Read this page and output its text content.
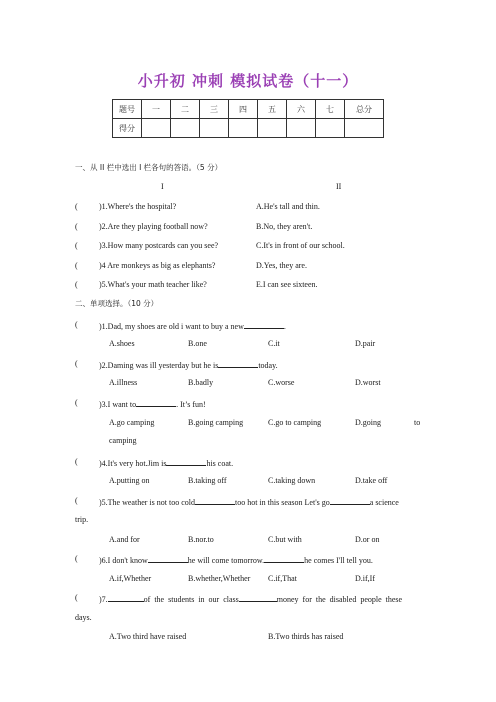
小升初 冲刺 模拟试卷（十一）
题号	一	二	三	四	五	六	七	总分
得分								
一、从 II 栏中选出 I 栏各句的答语。（5 分）
I	II
(	)1.Where's the hospital?	A.He's tall and thin.
(	)2.Are they playing football now?	B.No, they aren't.
(	)3.How many postcards can you see?	C.It's in front of our school.
(	)4 Are monkeys as big as elephants?	D.Yes, they are.
(	)5.What's your math teacher like?	E.I can see sixteen.
二、单项选择。（10 分）
(	)1.Dad, my shoes are old i want to buy a new	.
A.shoes	B.one	C.it	D.pair
(	)2.Daming was ill yesterday but he is	today.
A.illness	B.badly	C.worse	D.worst
(	)3.I want to	. It’s fun!
A.go camping	B.going camping	C.go to camping	D.going	to
camping
(	)4.It's very hot.Jim is	his coat.
A.putting on	B.taking off	C.taking down	D.take off
(	)5.The weather is not too cold	too hot in this season Let's go	a science
trip.
A.and for	B.nor.to	C.but with	D.or on
(	)6.I don't know	he will come tomorrow.	he comes I'll tell you.
A.if,Whether	B.whether,Whether C.if,That	D.if,If
(	)7.	of  the  students  in  our  class	money  for  the  disabled  people  these
days.
A.Two third have raised	B.Two thirds has raised
